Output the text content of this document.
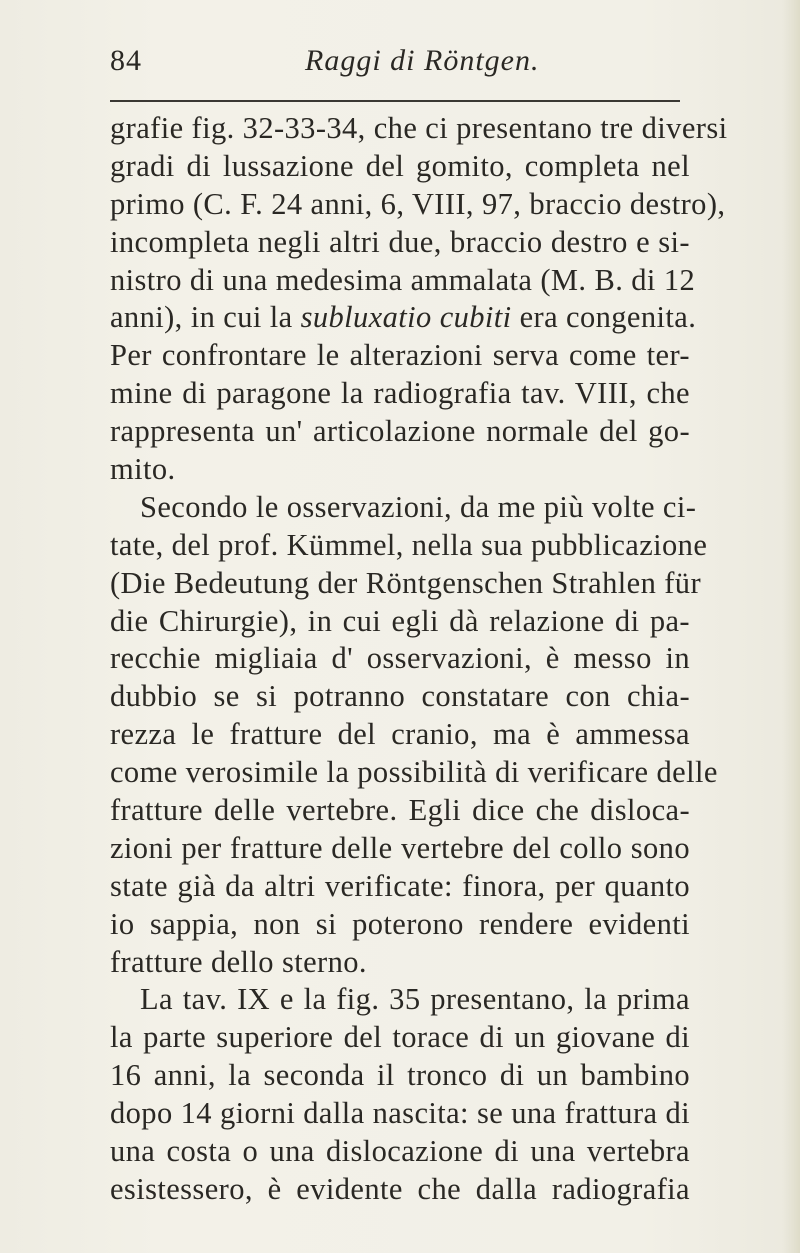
84	Raggi di Röntgen.
grafie fig. 32-33-34, che ci presentano tre diversi
gradi di lussazione del gomito, completa nel
primo (C. F. 24 anni, 6, VIII, 97, braccio destro),
incompleta negli altri due, braccio destro e si-
nistro di una medesima ammalata (M. B. di 12
anni), in cui la subluxatio cubiti era congenita.
Per confrontare le alterazioni serva come ter-
mine di paragone la radiografia tav. VIII, che
rappresenta un' articolazione normale del go-
mito.
Secondo le osservazioni, da me più volte ci-
tate, del prof. Kümmel, nella sua pubblicazione
(Die Bedeutung der Röntgenschen Strahlen für
die Chirurgie), in cui egli dà relazione di pa-
recchie migliaia d' osservazioni, è messo in
dubbio se si potranno constatare con chia-
rezza le fratture del cranio, ma è ammessa
come verosimile la possibilità di verificare delle
fratture delle vertebre. Egli dice che disloca-
zioni per fratture delle vertebre del collo sono
state già da altri verificate: finora, per quanto
io sappia, non si poterono rendere evidenti
fratture dello sterno.
La tav. IX e la fig. 35 presentano, la prima
la parte superiore del torace di un giovane di
16 anni, la seconda il tronco di un bambino
dopo 14 giorni dalla nascita: se una frattura di
una costa o una dislocazione di una vertebra
esistessero, è evidente che dalla radiografia
